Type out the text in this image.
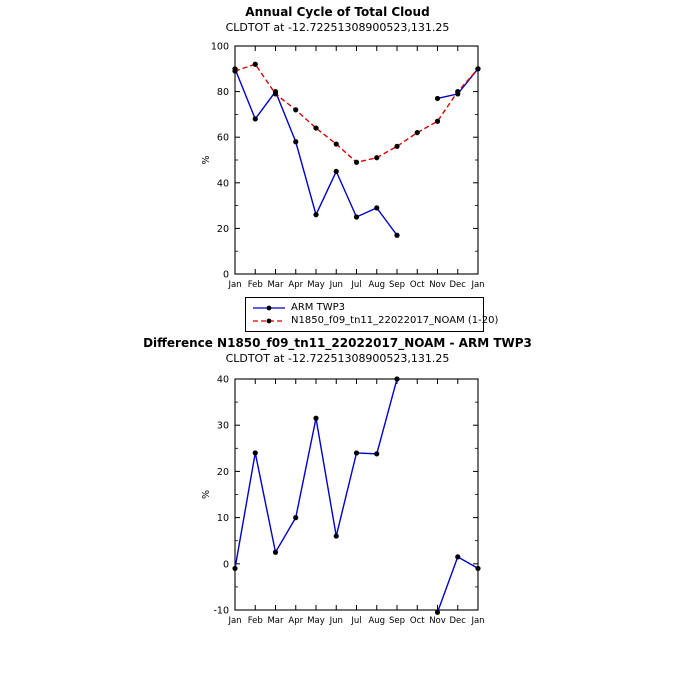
Annual Cycle of Total Cloud
CLDTOT at -12.72251308900523,131.25
0
20
40
60
80
100
Jan Feb Mar Apr May Jun Jul Aug Sep Oct Nov Dec Jan
%
ARM TWP3
N1850_f09_tn11_22022017_NOAM (1-20)
Difference N1850_f09_tn11_22022017_NOAM - ARM TWP3
CLDTOT at -12.72251308900523,131.25
-10
0
10
20
30
40
Jan Feb Mar Apr May Jun Jul Aug Sep Oct Nov Dec Jan
%
